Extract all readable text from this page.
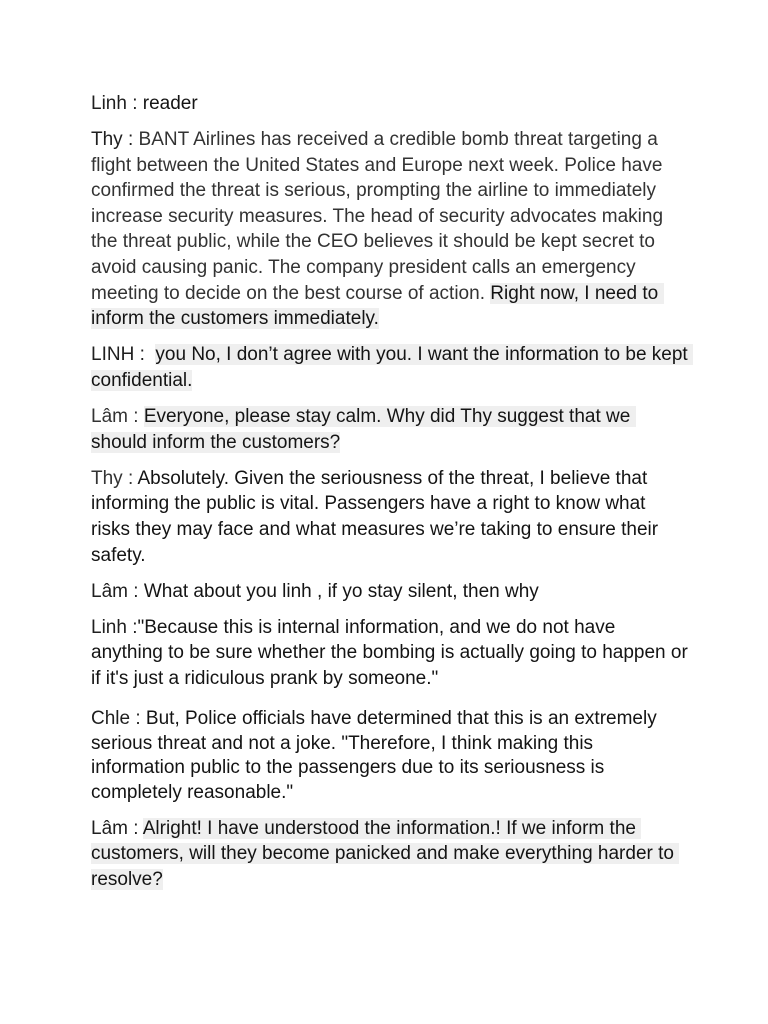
Linh : reader

Thy : BANT Airlines has received a credible bomb threat targeting a flight between the United States and Europe next week. Police have confirmed the threat is serious, prompting the airline to immediately increase security measures. The head of security advocates making the threat public, while the CEO believes it should be kept secret to avoid causing panic. The company president calls an emergency meeting to decide on the best course of action. Right now, I need to inform the customers immediately.

LINH :  you No, I don’t agree with you. I want the information to be kept confidential.

Lâm : Everyone, please stay calm. Why did Thy suggest that we should inform the customers?

Thy : Absolutely. Given the seriousness of the threat, I believe that informing the public is vital. Passengers have a right to know what risks they may face and what measures we’re taking to ensure their safety.

Lâm : What about you linh , if yo stay silent, then why

Linh :"Because this is internal information, and we do not have anything to be sure whether the bombing is actually going to happen or if it's just a ridiculous prank by someone."

Chle : But, Police officials have determined that this is an extremely serious threat and not a joke. "Therefore, I think making this information public to the passengers due to its seriousness is completely reasonable."

Lâm : Alright! I have understood the information.! If we inform the customers, will they become panicked and make everything harder to resolve?
